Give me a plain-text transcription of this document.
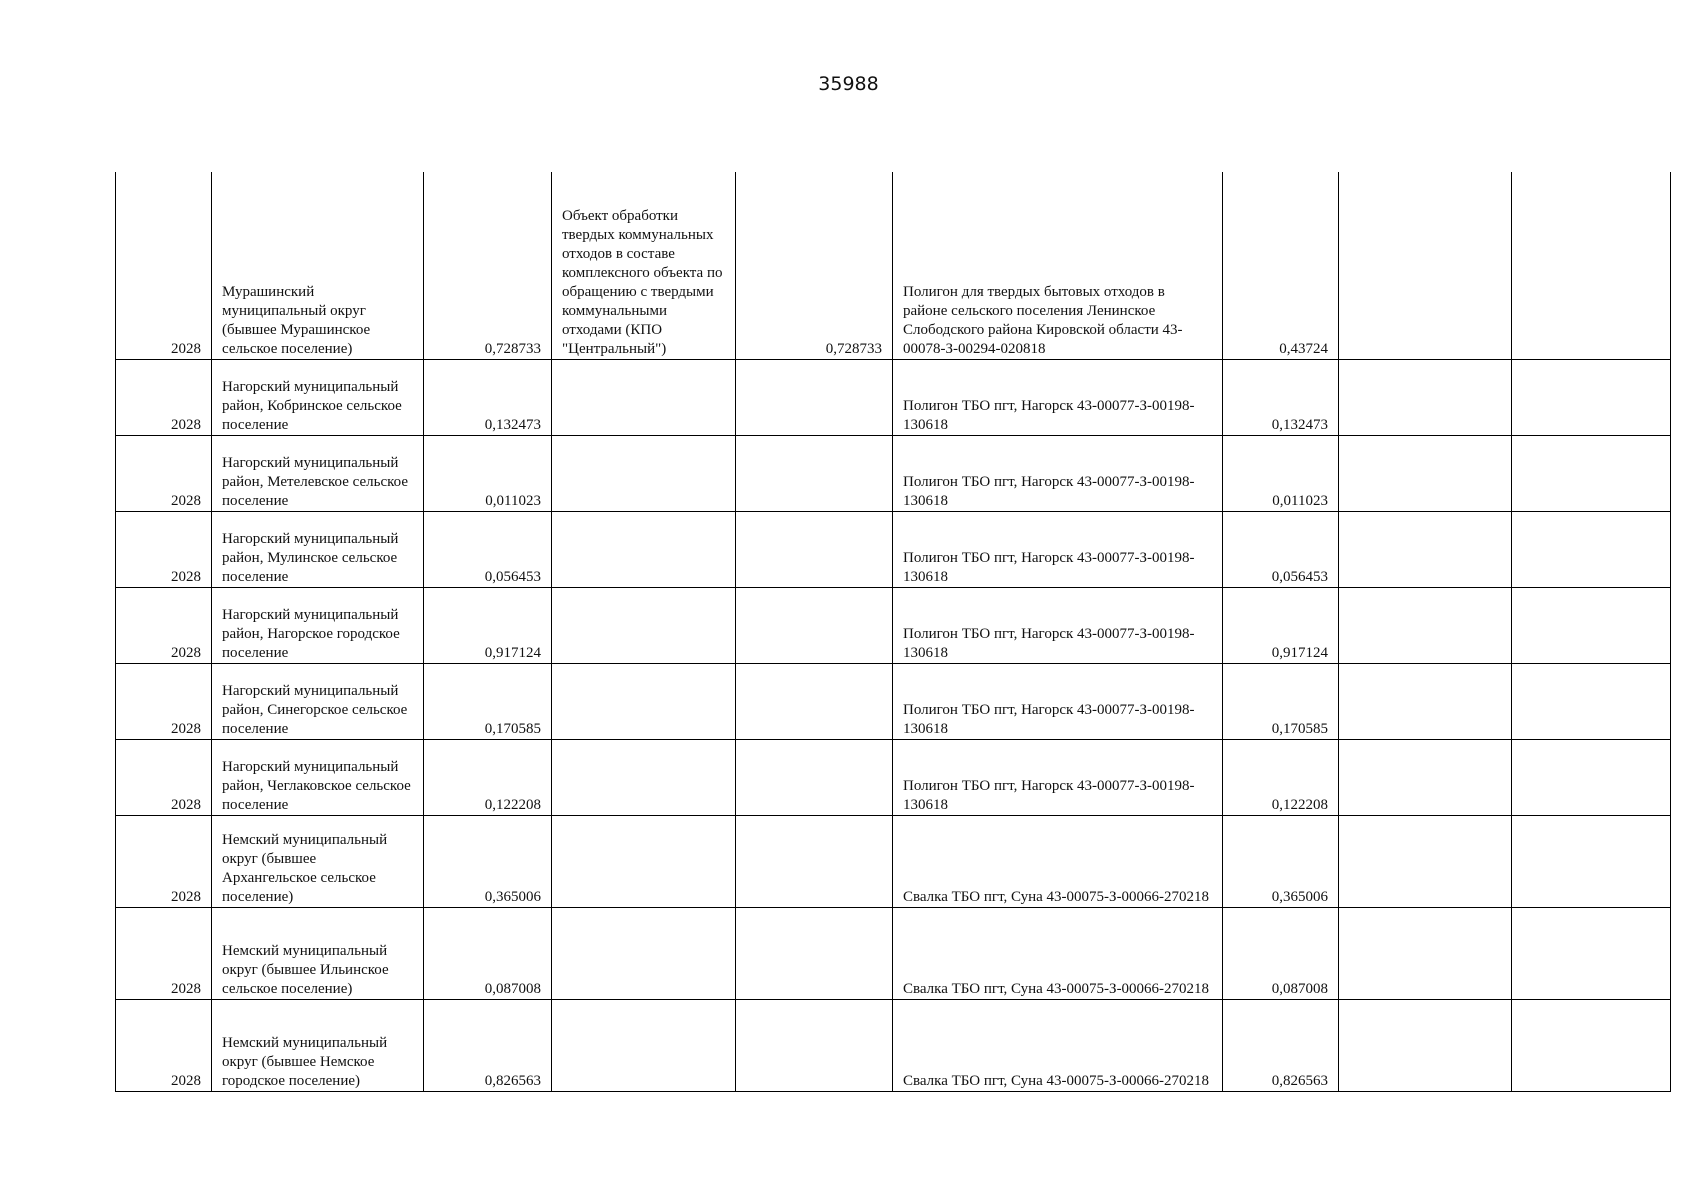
35988
2028	Мурашинский муниципальный округ (бывшее Мурашинское сельское поселение)	0,728733	Объект обработки твердых коммунальных отходов в составе комплексного объекта по обращению с твердыми коммунальными отходами (КПО "Центральный")	0,728733	Полигон для твердых бытовых отходов в районе сельского поселения Ленинское Слободского района Кировской области 43-00078-З-00294-020818	0,43724		
2028	Нагорский муниципальный район, Кобринское сельское поселение	0,132473			Полигон ТБО пгт, Нагорск 43-00077-З-00198-130618	0,132473		
2028	Нагорский муниципальный район, Метелевское сельское поселение	0,011023			Полигон ТБО пгт, Нагорск 43-00077-З-00198-130618	0,011023		
2028	Нагорский муниципальный район, Мулинское сельское поселение	0,056453			Полигон ТБО пгт, Нагорск 43-00077-З-00198-130618	0,056453		
2028	Нагорский муниципальный район, Нагорское городское поселение	0,917124			Полигон ТБО пгт, Нагорск 43-00077-З-00198-130618	0,917124		
2028	Нагорский муниципальный район, Синегорское сельское поселение	0,170585			Полигон ТБО пгт, Нагорск 43-00077-З-00198-130618	0,170585		
2028	Нагорский муниципальный район, Чеглаковское сельское поселение	0,122208			Полигон ТБО пгт, Нагорск 43-00077-З-00198-130618	0,122208		
2028	Немский муниципальный округ (бывшее Архангельское сельское поселение)	0,365006			Свалка ТБО пгт, Суна 43-00075-З-00066-270218	0,365006		
2028	Немский муниципальный округ (бывшее Ильинское сельское поселение)	0,087008			Свалка ТБО пгт, Суна 43-00075-З-00066-270218	0,087008		
2028	Немский муниципальный округ (бывшее Немское городское поселение)	0,826563			Свалка ТБО пгт, Суна 43-00075-З-00066-270218	0,826563		
